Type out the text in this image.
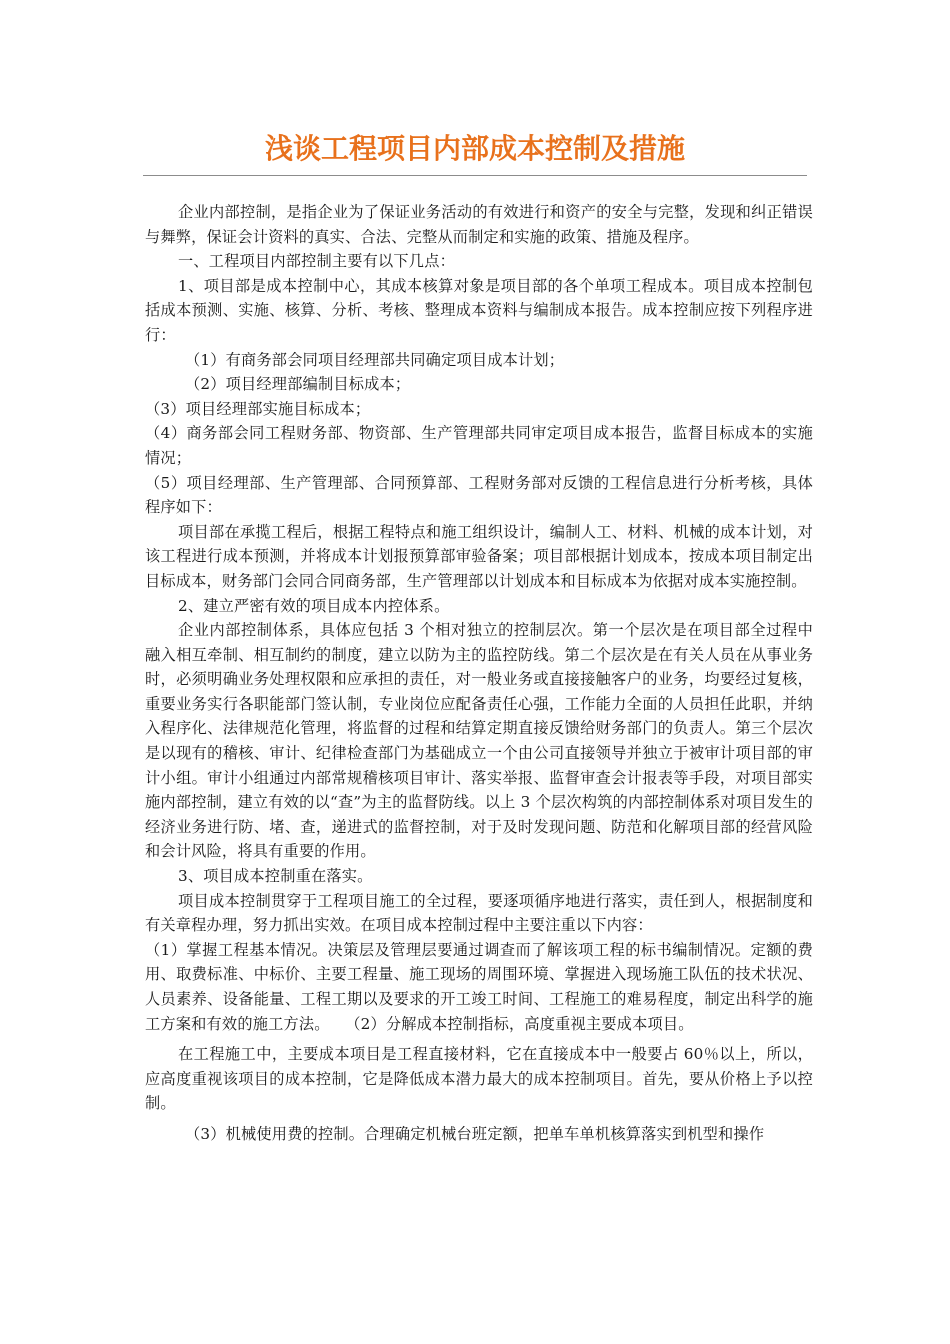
浅谈工程项目内部成本控制及措施

企业内部控制，是指企业为了保证业务活动的有效进行和资产的安全与完整，发现和纠正错误与舞弊，保证会计资料的真实、合法、完整从而制定和实施的政策、措施及程序。

一、工程项目内部控制主要有以下几点：

1、项目部是成本控制中心，其成本核算对象是项目部的各个单项工程成本。项目成本控制包括成本预测、实施、核算、分析、考核、整理成本资料与编制成本报告。成本控制应按下列程序进行：

（1）有商务部会同项目经理部共同确定项目成本计划；

（2）项目经理部编制目标成本；

（3）项目经理部实施目标成本；

（4）商务部会同工程财务部、物资部、生产管理部共同审定项目成本报告，监督目标成本的实施情况；

（5）项目经理部、生产管理部、合同预算部、工程财务部对反馈的工程信息进行分析考核，具体程序如下：

项目部在承揽工程后，根据工程特点和施工组织设计，编制人工、材料、机械的成本计划，对该工程进行成本预测，并将成本计划报预算部审验备案；项目部根据计划成本，按成本项目制定出目标成本，财务部门会同合同商务部，生产管理部以计划成本和目标成本为依据对成本实施控制。

2、建立严密有效的项目成本内控体系。

企业内部控制体系，具体应包括 3 个相对独立的控制层次。第一个层次是在项目部全过程中融入相互牵制、相互制约的制度，建立以防为主的监控防线。第二个层次是在有关人员在从事业务时，必须明确业务处理权限和应承担的责任，对一般业务或直接接触客户的业务，均要经过复核，重要业务实行各职能部门签认制，专业岗位应配备责任心强，工作能力全面的人员担任此职，并纳入程序化、法律规范化管理，将监督的过程和结算定期直接反馈给财务部门的负责人。第三个层次是以现有的稽核、审计、纪律检查部门为基础成立一个由公司直接领导并独立于被审计项目部的审计小组。审计小组通过内部常规稽核项目审计、落实举报、监督审查会计报表等手段，对项目部实施内部控制，建立有效的以“查”为主的监督防线。以上 3 个层次构筑的内部控制体系对项目发生的经济业务进行防、堵、查，递进式的监督控制，对于及时发现问题、防范和化解项目部的经营风险和会计风险，将具有重要的作用。

3、项目成本控制重在落实。

项目成本控制贯穿于工程项目施工的全过程，要逐项循序地进行落实，责任到人，根据制度和有关章程办理，努力抓出实效。在项目成本控制过程中主要注重以下内容：

（1）掌握工程基本情况。决策层及管理层要通过调查而了解该项工程的标书编制情况。定额的费用、取费标准、中标价、主要工程量、施工现场的周围环境、掌握进入现场施工队伍的技术状况、人员素养、设备能量、工程工期以及要求的开工竣工时间、工程施工的难易程度，制定出科学的施工方案和有效的施工方法。　　（2）分解成本控制指标，高度重视主要成本项目。

在工程施工中，主要成本项目是工程直接材料，它在直接成本中一般要占 60％以上，所以，应高度重视该项目的成本控制，它是降低成本潜力最大的成本控制项目。首先，要从价格上予以控制。

（3）机械使用费的控制。合理确定机械台班定额，把单车单机核算落实到机型和操作
